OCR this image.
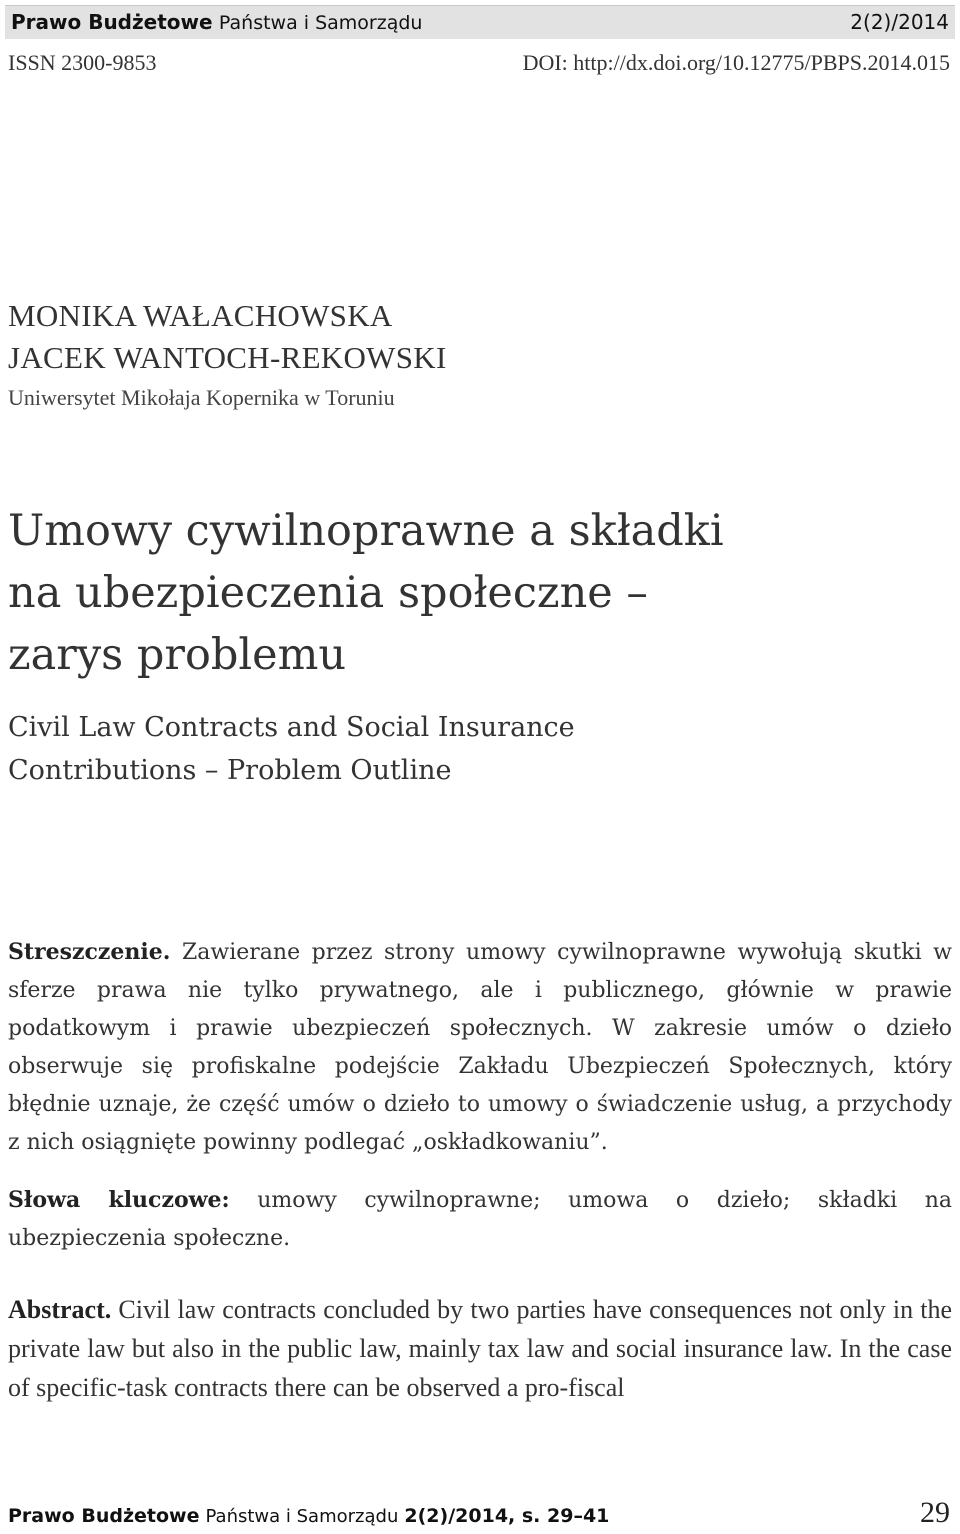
Prawo Budżetowe Państwa i Samorządu	2(2)/2014
ISSN 2300-9853	DOI: http://dx.doi.org/10.12775/PBPS.2014.015
MONIKA WAŁACHOWSKA
JACEK WANTOCH-REKOWSKI
Uniwersytet Mikołaja Kopernika w Toruniu
Umowy cywilnoprawne a składki
na ubezpieczenia społeczne –
zarys problemu
Civil Law Contracts and Social Insurance
Contributions – Problem Outline
Streszczenie. Zawierane przez strony umowy cywilnoprawne wywołują skutki w sferze prawa nie tylko prywatnego, ale i publicznego, głównie w prawie podatkowym i prawie ubezpieczeń społecznych. W zakresie umów o dzieło obserwuje się profiskalne podejście Zakładu Ubezpieczeń Społecznych, który błędnie uznaje, że część umów o dzieło to umowy o świadczenie usług, a przychody z nich osiągnięte powinny podlegać „oskładkowaniu”.
Słowa kluczowe: umowy cywilnoprawne; umowa o dzieło; składki na ubezpieczenia społeczne.
Abstract. Civil law contracts concluded by two parties have consequences not only in the private law but also in the public law, mainly tax law and social insurance law. In the case of specific-task contracts there can be observed a pro-fiscal
Prawo Budżetowe Państwa i Samorządu 2(2)/2014, s. 29–41	29
